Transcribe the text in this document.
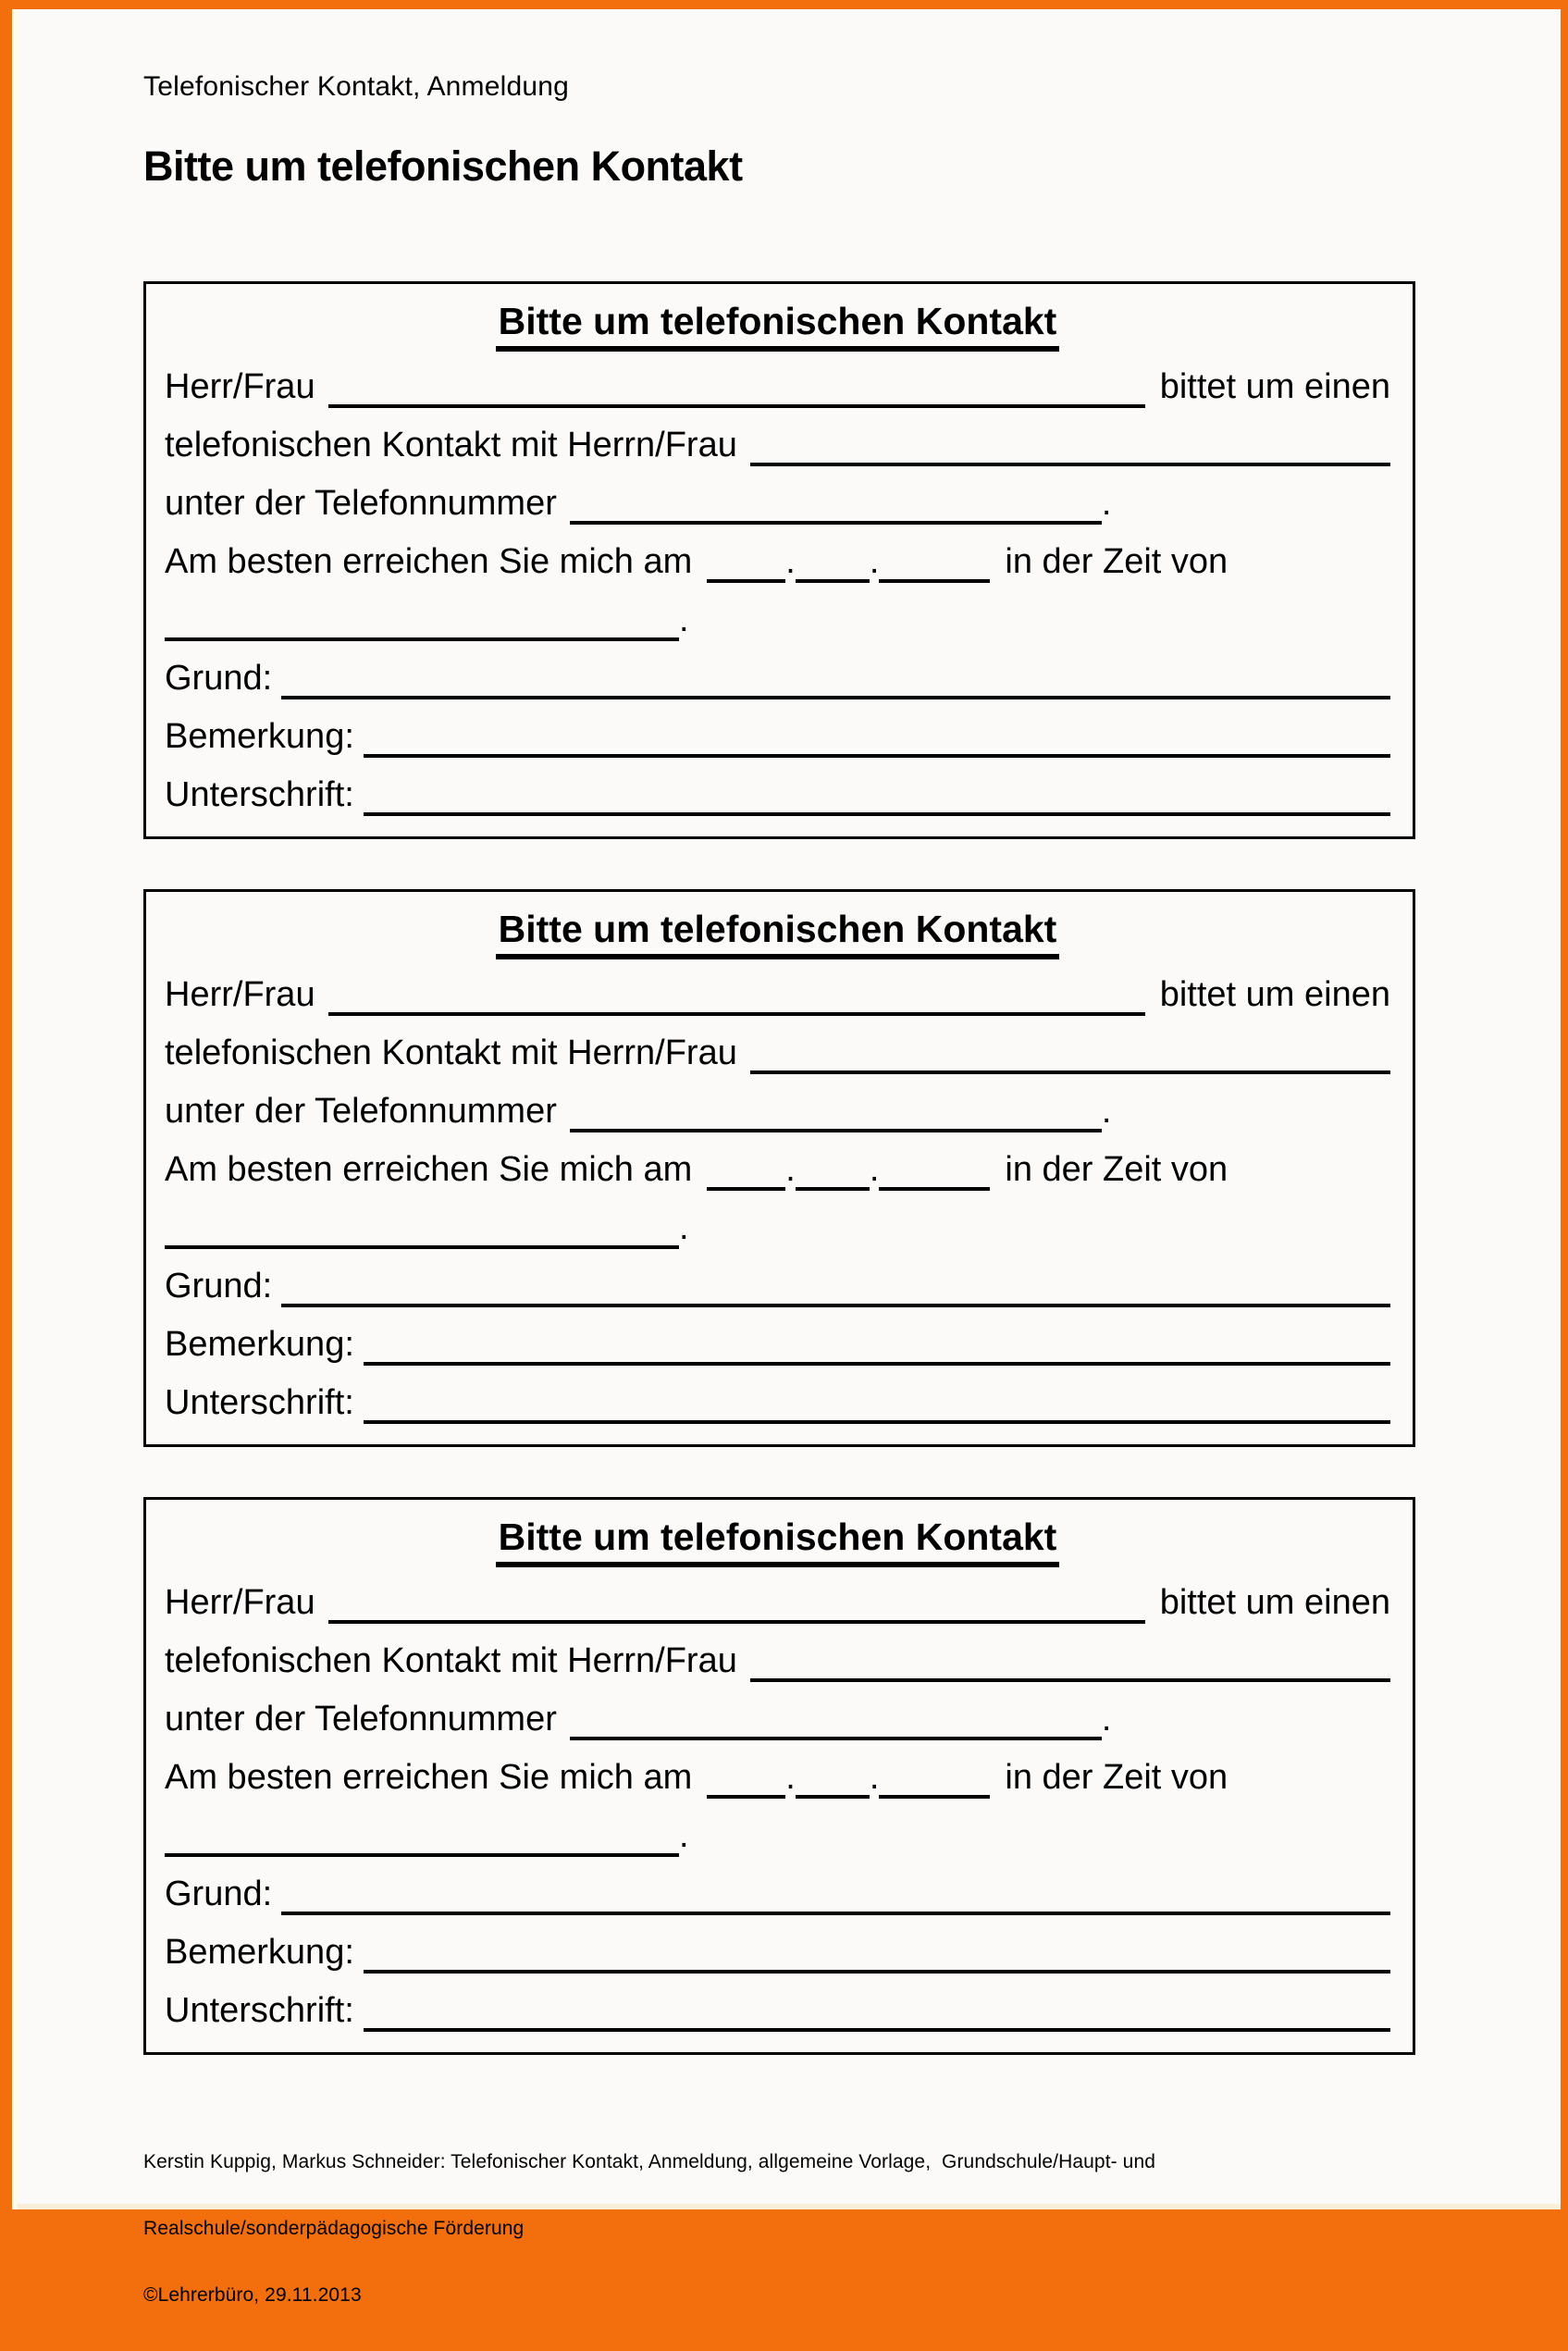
Telefonischer Kontakt, Anmeldung
Bitte um telefonischen Kontakt
Bitte um telefonischen Kontakt
Herr/Frau	bittet um einen
telefonischen Kontakt mit Herrn/Frau
unter der Telefonnummer	.
Am besten erreichen Sie mich am	. .	in der Zeit von
.
Grund:
Bemerkung:
Unterschrift:
Bitte um telefonischen Kontakt
Herr/Frau	bittet um einen
telefonischen Kontakt mit Herrn/Frau
unter der Telefonnummer	.
Am besten erreichen Sie mich am	. .	in der Zeit von
.
Grund:
Bemerkung:
Unterschrift:
Bitte um telefonischen Kontakt
Herr/Frau	bittet um einen
telefonischen Kontakt mit Herrn/Frau
unter der Telefonnummer	.
Am besten erreichen Sie mich am	. .	in der Zeit von
.
Grund:
Bemerkung:
Unterschrift:

Kerstin Kuppig, Markus Schneider: Telefonischer Kontakt, Anmeldung, allgemeine Vorlage,  Grundschule/Haupt- und

Realschule/sonderpädagogische Förderung

©Lehrerbüro, 29.11.2013
